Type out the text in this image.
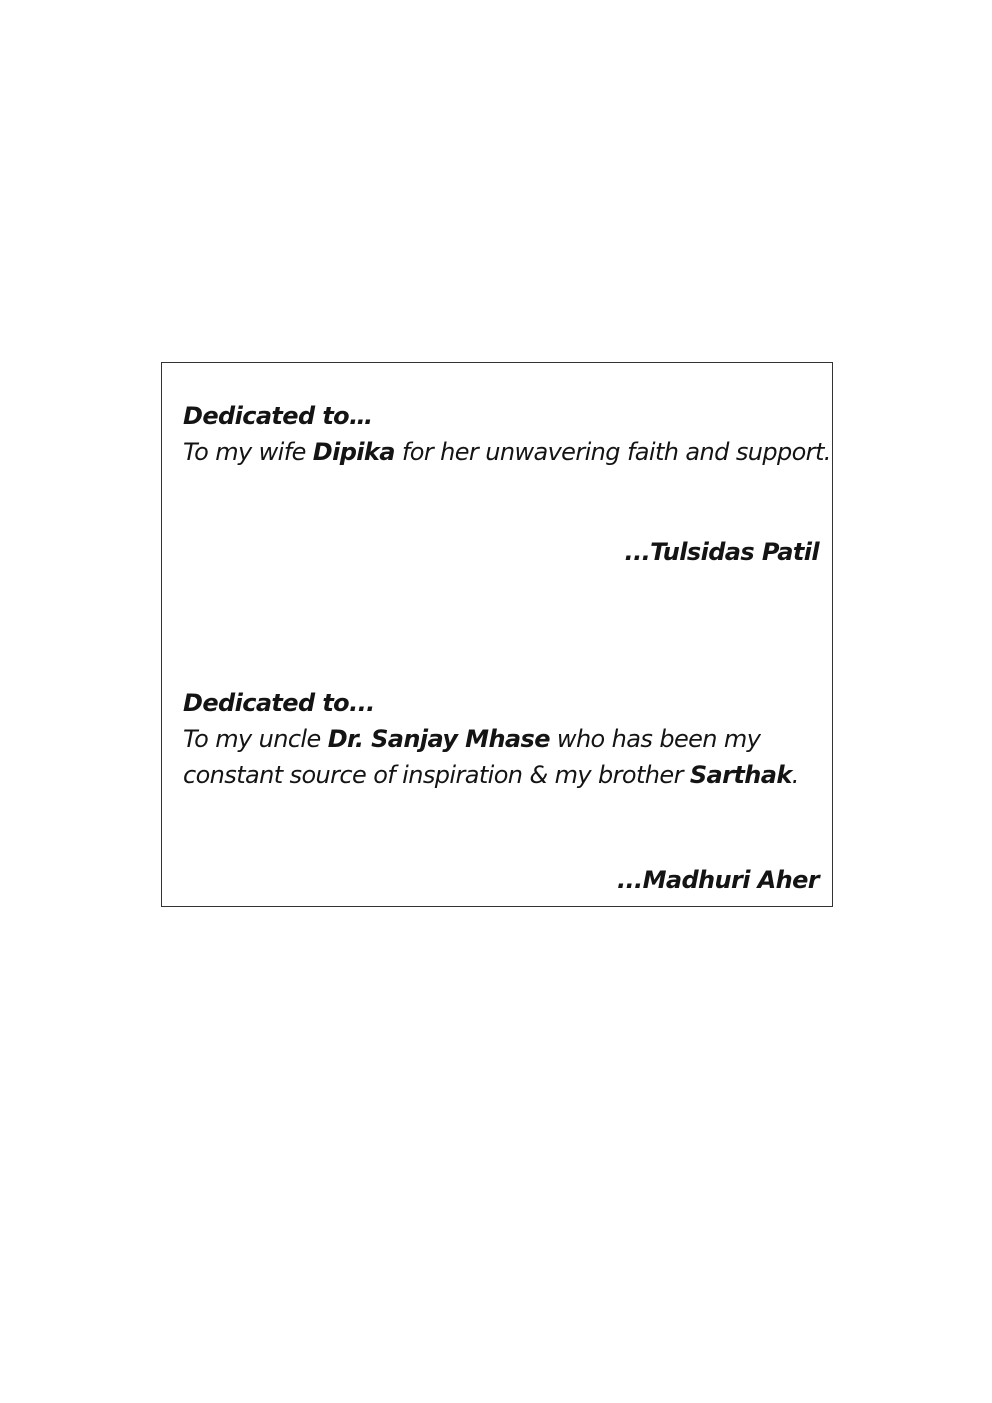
Dedicated to…

To my wife Dipika for her unwavering faith and support.

...Tulsidas Patil

Dedicated to...

To my uncle Dr. Sanjay Mhase who has been my

constant source of inspiration & my brother Sarthak.

...Madhuri Aher
